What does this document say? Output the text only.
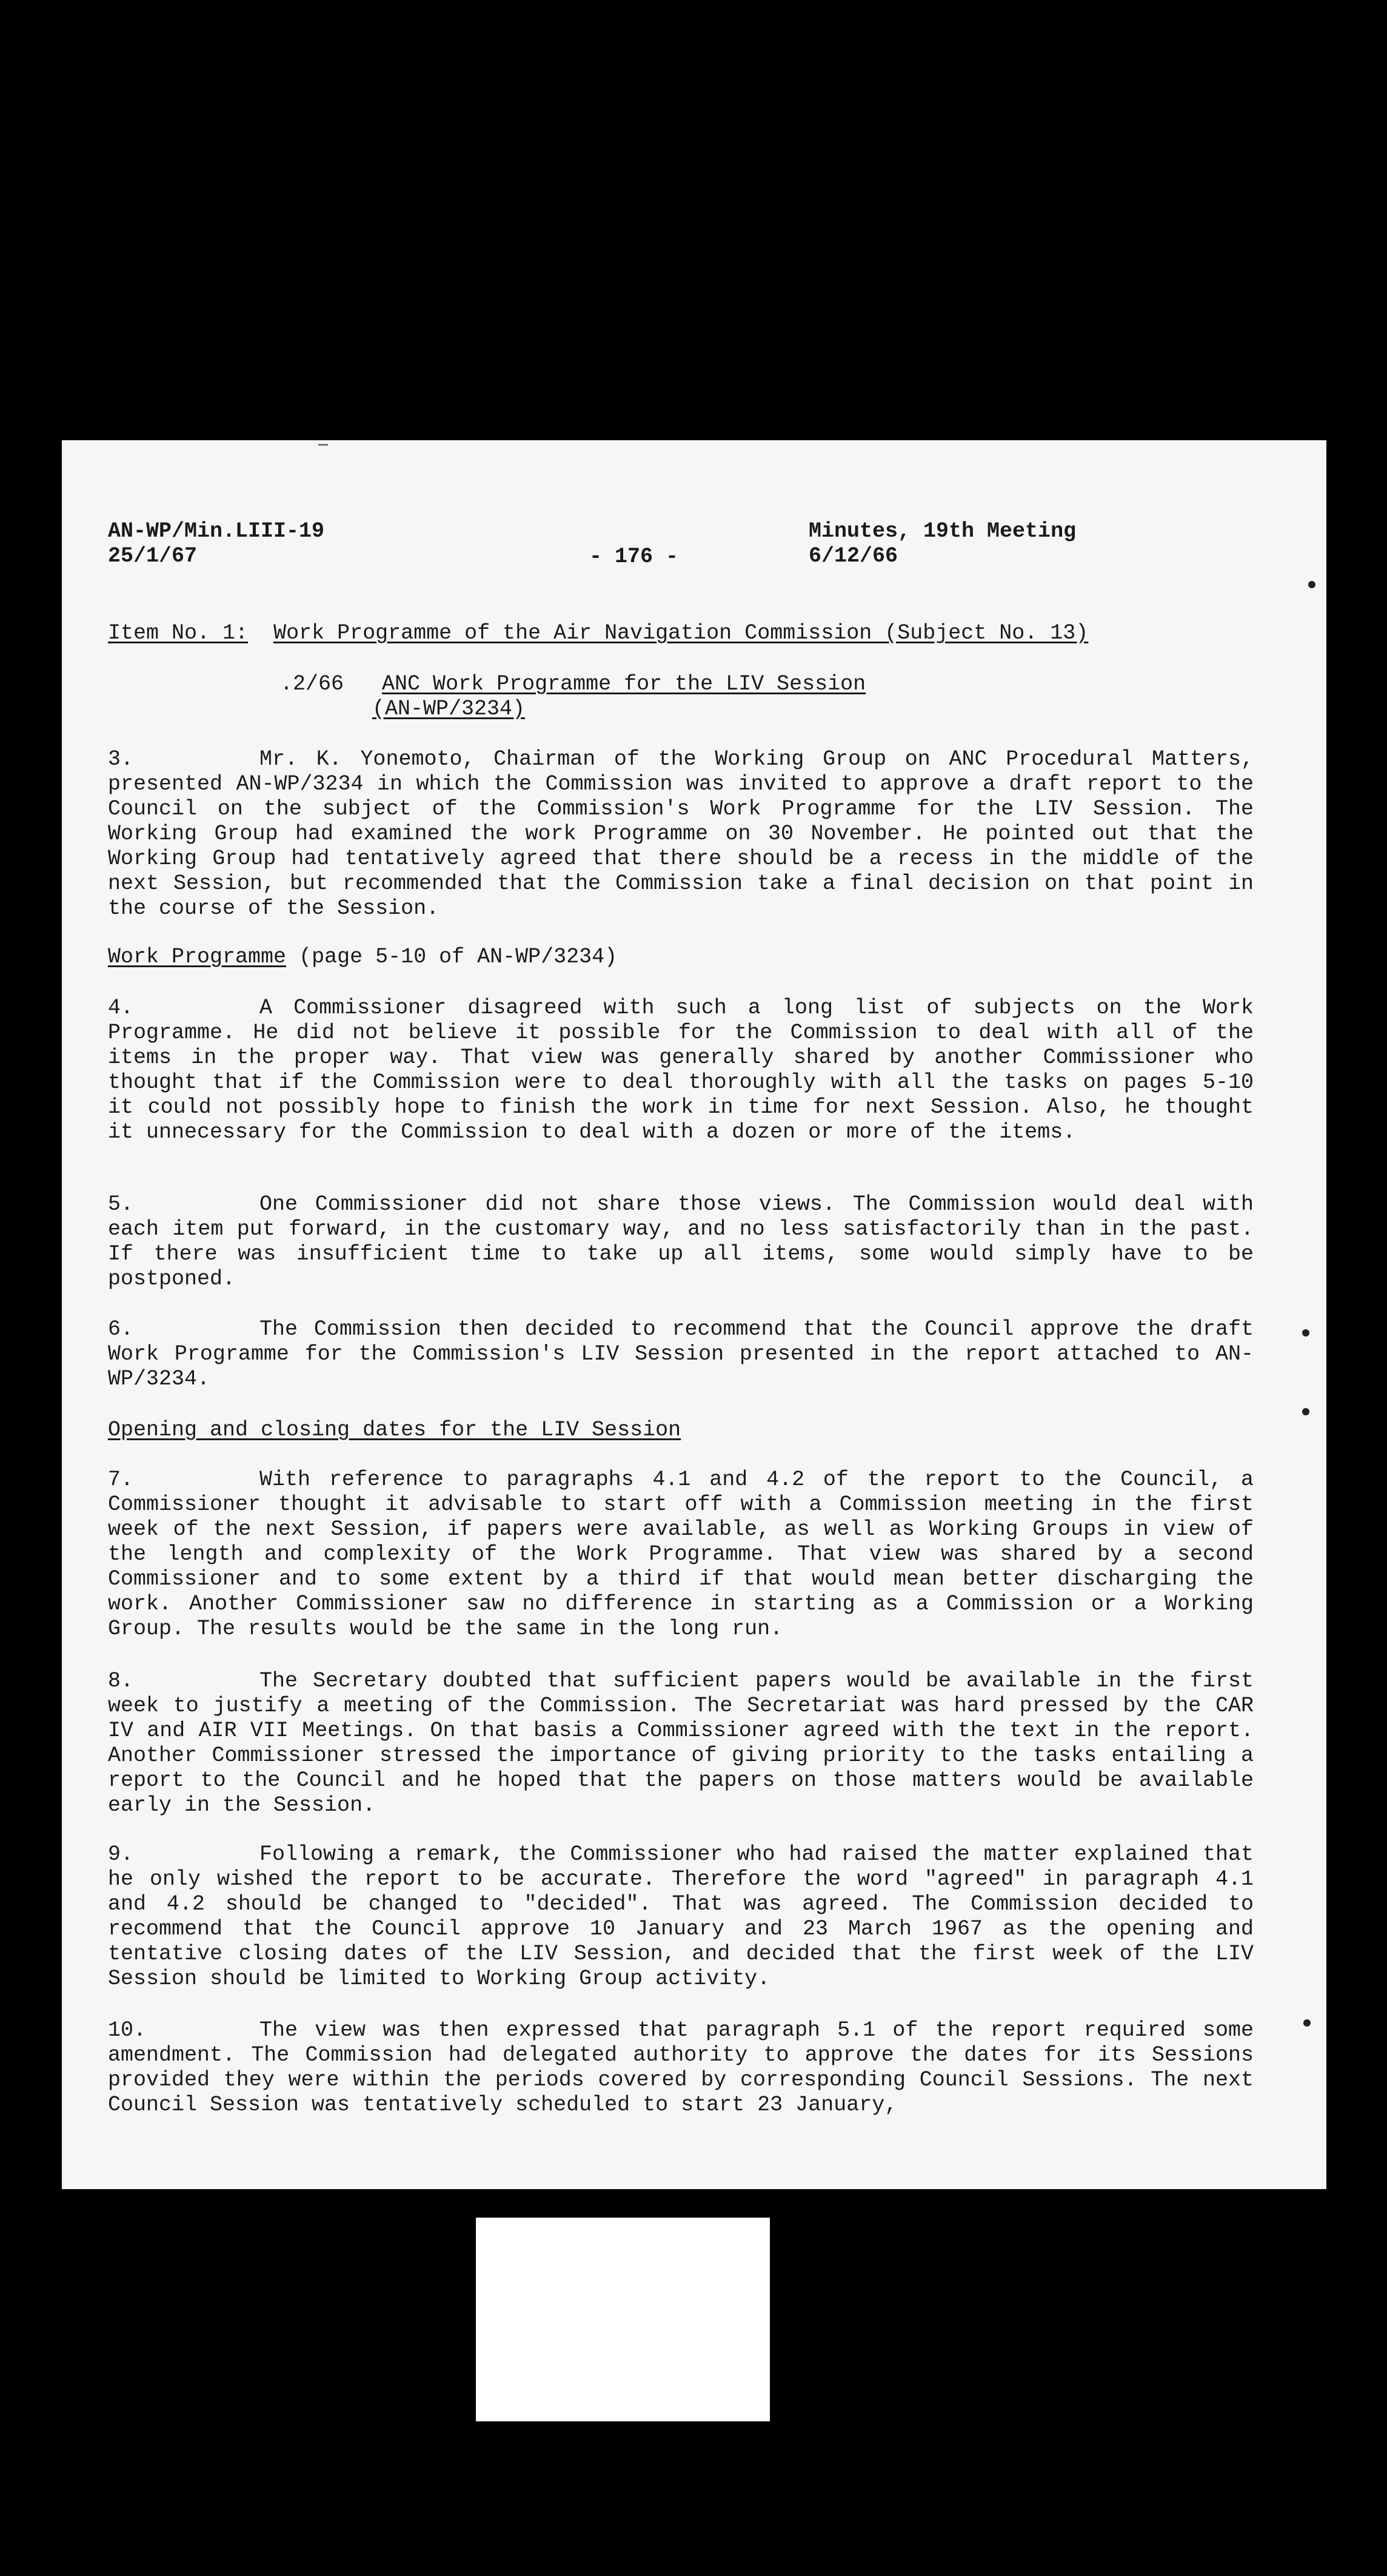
AN-WP/Min.LIII-19
25/1/67	- 176 -
Minutes, 19th Meeting
6/12/66
Item No. 1: Work Programme of the Air Navigation Commission (Subject No. 13)
.2/66 ANC Work Programme for the LIV Session
(AN-WP/3234)
3.	Mr. K. Yonemoto, Chairman of the Working Group on ANC Procedural Matters, presented AN-WP/3234 in which the Commission was invited to approve a draft report to the Council on the subject of the Commission's Work Programme for the LIV Session. The Working Group had examined the work Programme on 30 November. He pointed out that the Working Group had tentatively agreed that there should be a recess in the middle of the next Session, but recommended that the Commission take a final decision on that point in the course of the Session.
Work Programme (page 5-10 of AN-WP/3234)
4.	A Commissioner disagreed with such a long list of subjects on the Work Programme. He did not believe it possible for the Commission to deal with all of the items in the proper way. That view was generally shared by another Commissioner who thought that if the Commission were to deal thoroughly with all the tasks on pages 5-10 it could not possibly hope to finish the work in time for next Session. Also, he thought it unnecessary for the Commission to deal with a dozen or more of the items.
5.	One Commissioner did not share those views. The Commission would deal with each item put forward, in the customary way, and no less satisfactorily than in the past. If there was insufficient time to take up all items, some would simply have to be postponed.
6.	The Commission then decided to recommend that the Council approve the draft Work Programme for the Commission's LIV Session presented in the report attached to AN-WP/3234.
Opening and closing dates for the LIV Session
7.	With reference to paragraphs 4.1 and 4.2 of the report to the Council, a Commissioner thought it advisable to start off with a Commission meeting in the first week of the next Session, if papers were available, as well as Working Groups in view of the length and complexity of the Work Programme. That view was shared by a second Commissioner and to some extent by a third if that would mean better discharging the work. Another Commissioner saw no difference in starting as a Commission or a Working Group. The results would be the same in the long run.
8.	The Secretary doubted that sufficient papers would be available in the first week to justify a meeting of the Commission. The Secretariat was hard pressed by the CAR IV and AIR VII Meetings. On that basis a Commissioner agreed with the text in the report. Another Commissioner stressed the importance of giving priority to the tasks entailing a report to the Council and he hoped that the papers on those matters would be available early in the Session.
9.	Following a remark, the Commissioner who had raised the matter explained that he only wished the report to be accurate. Therefore the word "agreed" in paragraph 4.1 and 4.2 should be changed to "decided". That was agreed. The Commission decided to recommend that the Council approve 10 January and 23 March 1967 as the opening and tentative closing dates of the LIV Session, and decided that the first week of the LIV Session should be limited to Working Group activity.
10.	The view was then expressed that paragraph 5.1 of the report required some amendment. The Commission had delegated authority to approve the dates for its Sessions provided they were within the periods covered by corresponding Council Sessions. The next Council Session was tentatively scheduled to start 23 January,
